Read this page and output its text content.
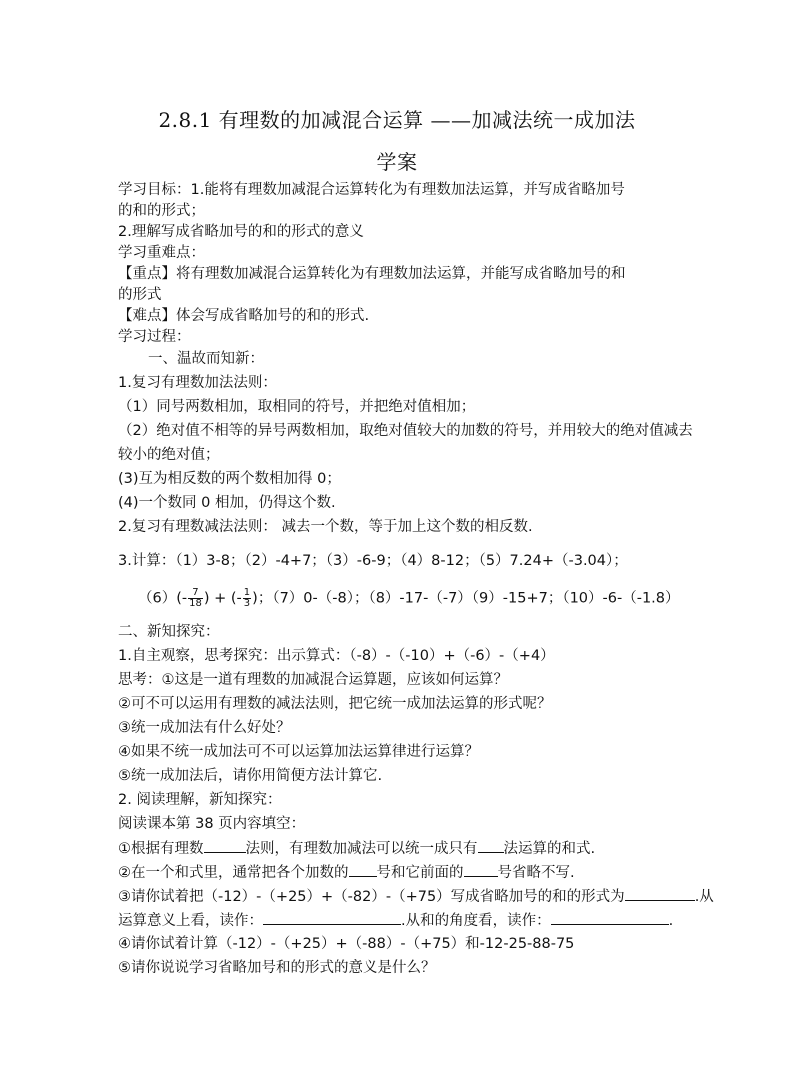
2.8.1 有理数的加减混合运算 ——加减法统一成加法
学案
学习目标：1.能将有理数加减混合运算转化为有理数加法运算，并写成省略加号
的和的形式；
2.理解写成省略加号的和的形式的意义
学习重难点：
【重点】将有理数加减混合运算转化为有理数加法运算，并能写成省略加号的和
的形式
【难点】体会写成省略加号的和的形式.
学习过程：
一、温故而知新：
1.复习有理数加法法则：
（1）同号两数相加，取相同的符号，并把绝对值相加；
（2）绝对值不相等的异号两数相加，取绝对值较大的加数的符号，并用较大的绝对值减去
较小的绝对值；
(3)互为相反数的两个数相加得 0；
(4)一个数同 0 相加，仍得这个数.
2.复习有理数减法法则： 减去一个数，等于加上这个数的相反数.
3.计算：（1）3-8；（2）-4+7；（3）-6-9；（4）8-12；（5）7.24+（-3.04）；
$(6)(- \frac{7}{18}$ ) + (- $\frac{1}{3}$ )；（7）0-（-8）；（8）-17-（-7）（9）-15+7；（10）-6-（-1.8）
二、新知探究：
1.自主观察，思考探究：出示算式：（-8）-（-10）+（-6）-（+4）
思考：①这是一道有理数的加减混合运算题，应该如何运算？
②可不可以运用有理数的减法法则，把它统一成加法运算的形式呢？
③统一成加法有什么好处？
④如果不统一成加法可不可以运算加法运算律进行运算？
⑤统一成加法后，请你用简便方法计算它.
2. 阅读理解，新知探究：
阅读课本第 38 页内容填空：
①根据有理数	法则，有理数加减法可以统一成只有 法运算的和式.
②在一个和式里，通常把各个加数的 号和它前面的 号省略不写.
③请你试着把（-12）-（+25）+（-82）-（+75）写成省略加号的和的形式为	.从
运算意义上看，读作：	.从和的角度看，读作：	.
④请你试着计算（-12）-（+25）+（-88）-（+75）和-12-25-88-75
⑤请你说说学习省略加号和的形式的意义是什么？
